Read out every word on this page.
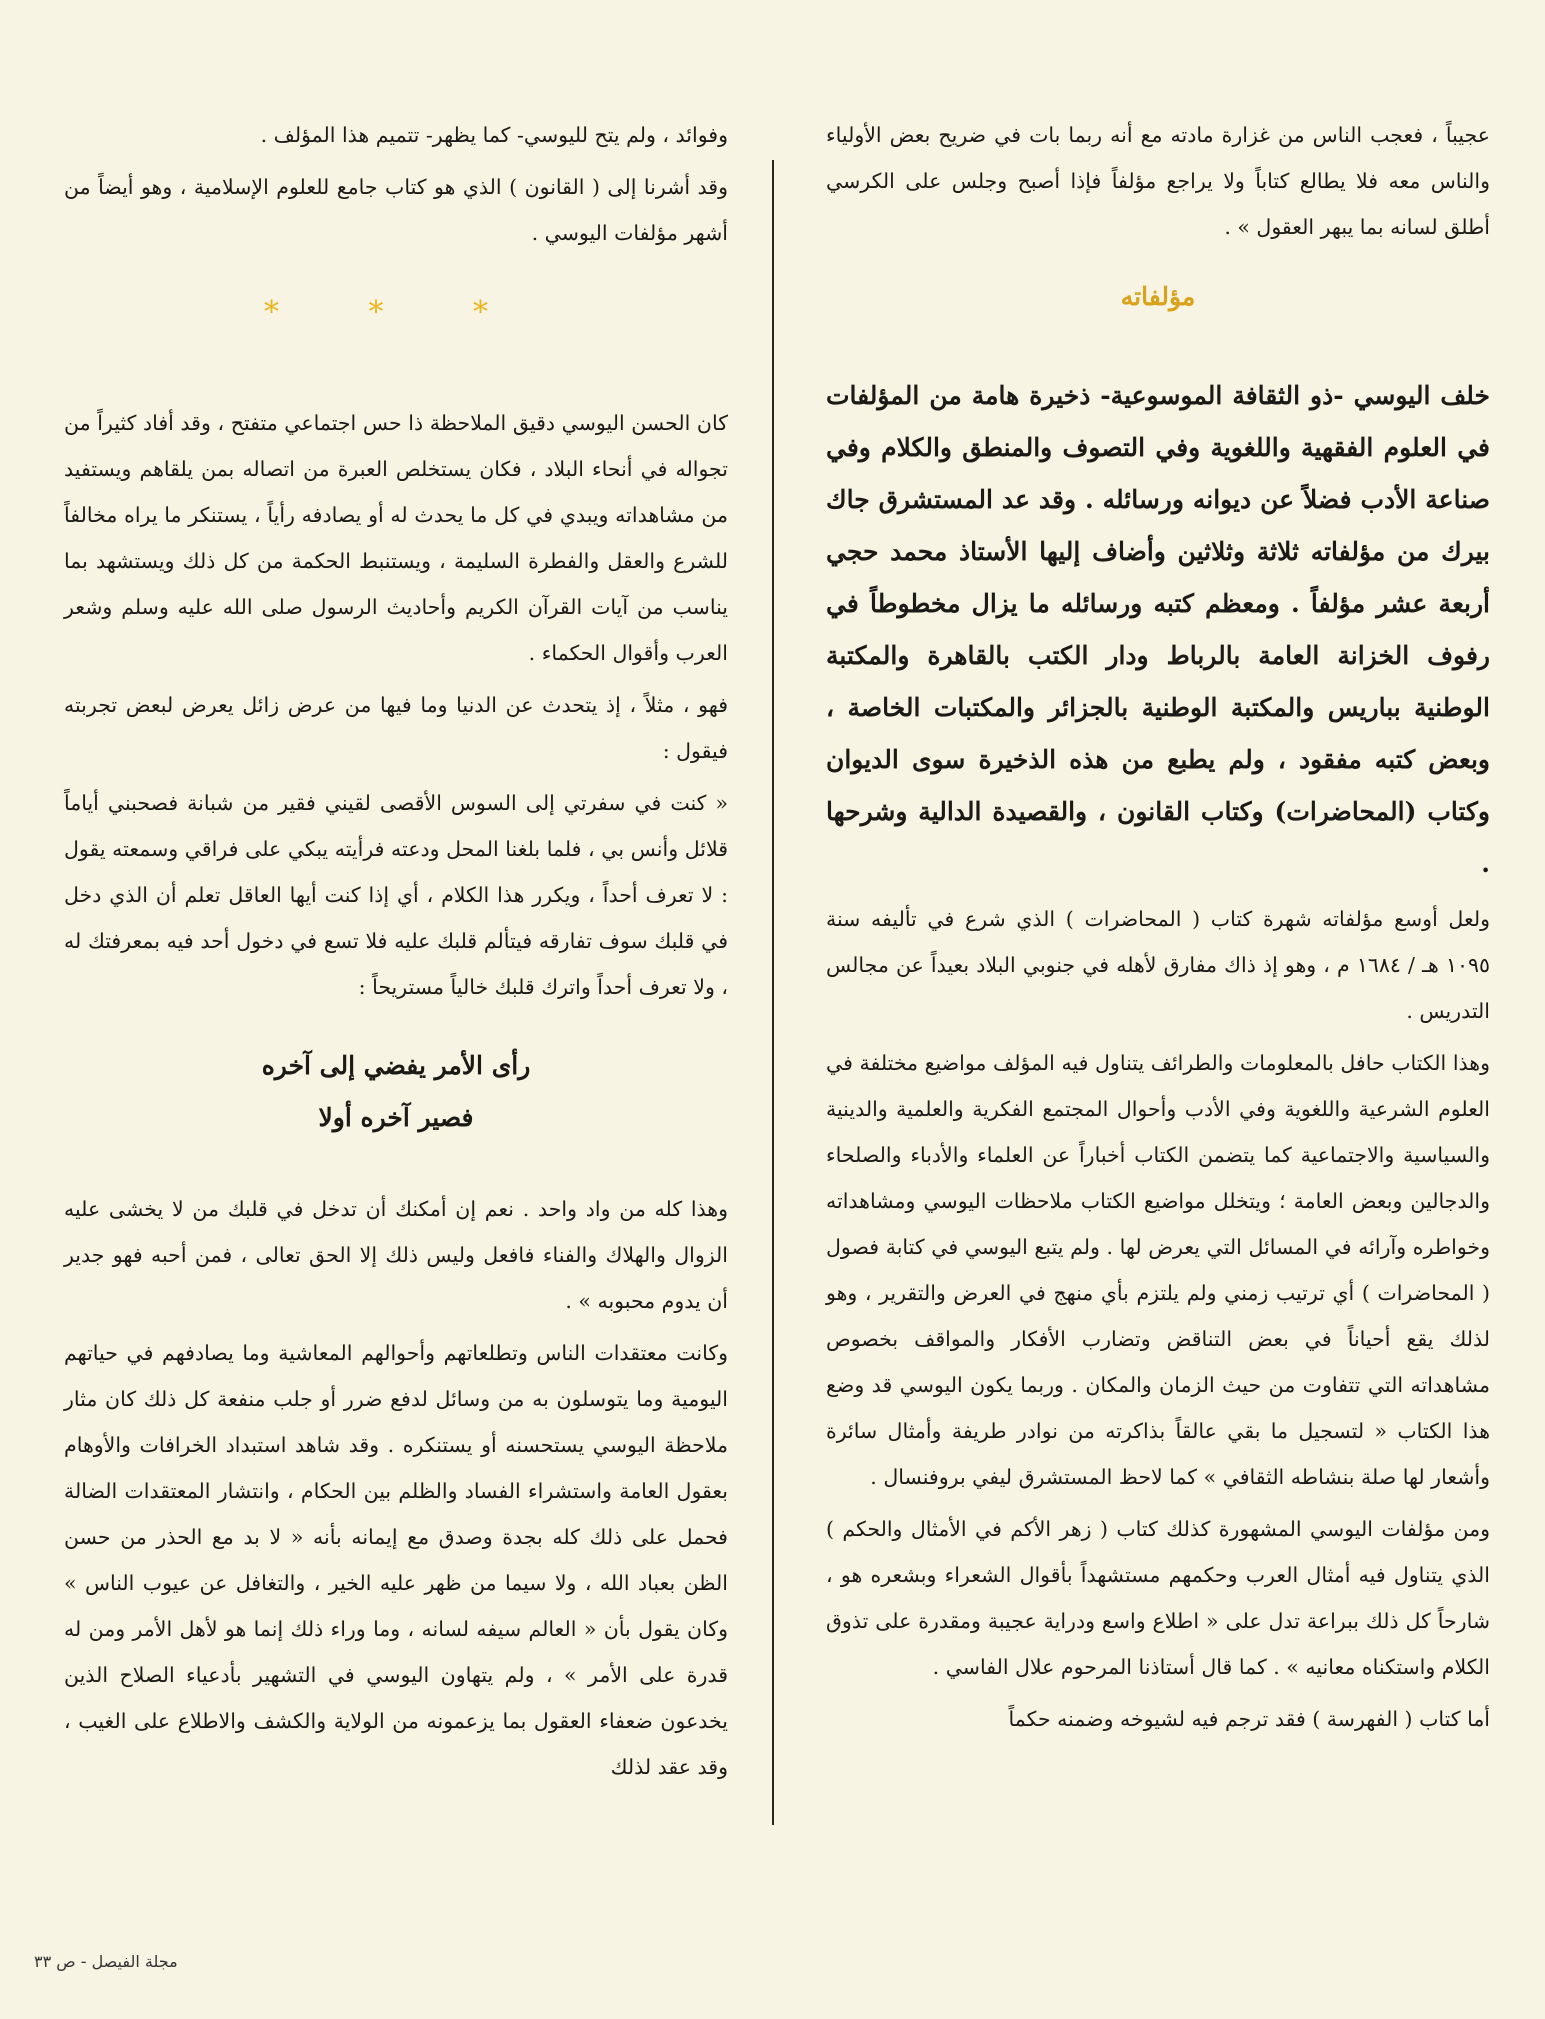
عجيباً ، فعجب الناس من غزارة مادته مع أنه ربما بات في ضريح بعض الأولياء والناس معه فلا يطالع كتاباً ولا يراجع مؤلفاً فإذا أصبح وجلس على الكرسي أطلق لسانه بما يبهر العقول » .

مؤلفاته

خلف اليوسي -ذو الثقافة الموسوعية- ذخيرة هامة من المؤلفات في العلوم الفقهية واللغوية وفي التصوف والمنطق والكلام وفي صناعة الأدب فضلاً عن ديوانه ورسائله . وقد عد المستشرق جاك بيرك من مؤلفاته ثلاثة وثلاثين وأضاف إليها الأستاذ محمد حجي أربعة عشر مؤلفاً . ومعظم كتبه ورسائله ما يزال مخطوطاً في رفوف الخزانة العامة بالرباط ودار الكتب بالقاهرة والمكتبة الوطنية بباريس والمكتبة الوطنية بالجزائر والمكتبات الخاصة ، وبعض كتبه مفقود ، ولم يطبع من هذه الذخيرة سوى الديوان وكتاب (المحاضرات) وكتاب القانون ، والقصيدة الدالية وشرحها .

ولعل أوسع مؤلفاته شهرة كتاب ( المحاضرات ) الذي شرع في تأليفه سنة ١٠٩٥ هـ / ١٦٨٤ م ، وهو إذ ذاك مفارق لأهله في جنوبي البلاد بعيداً عن مجالس التدريس .

وهذا الكتاب حافل بالمعلومات والطرائف يتناول فيه المؤلف مواضيع مختلفة في العلوم الشرعية واللغوية وفي الأدب وأحوال المجتمع الفكرية والعلمية والدينية والسياسية والاجتماعية كما يتضمن الكتاب أخباراً عن العلماء والأدباء والصلحاء والدجالين وبعض العامة ؛ ويتخلل مواضيع الكتاب ملاحظات اليوسي ومشاهداته وخواطره وآرائه في المسائل التي يعرض لها . ولم يتبع اليوسي في كتابة فصول ( المحاضرات ) أي ترتيب زمني ولم يلتزم بأي منهج في العرض والتقرير ، وهو لذلك يقع أحياناً في بعض التناقض وتضارب الأفكار والمواقف بخصوص مشاهداته التي تتفاوت من حيث الزمان والمكان . وربما يكون اليوسي قد وضع هذا الكتاب « لتسجيل ما بقي عالقاً بذاكرته من نوادر طريفة وأمثال سائرة وأشعار لها صلة بنشاطه الثقافي » كما لاحظ المستشرق ليفي بروفنسال .

ومن مؤلفات اليوسي المشهورة كذلك كتاب ( زهر الأكم في الأمثال والحكم ) الذي يتناول فيه أمثال العرب وحكمهم مستشهداً بأقوال الشعراء وبشعره هو ، شارحاً كل ذلك ببراعة تدل على « اطلاع واسع ودراية عجيبة ومقدرة على تذوق الكلام واستكناه معانيه » . كما قال أستاذنا المرحوم علال الفاسي .

أما كتاب ( الفهرسة ) فقد ترجم فيه لشيوخه وضمنه حكماً

وفوائد ، ولم يتح لليوسي- كما يظهر- تتميم هذا المؤلف .

وقد أشرنا إلى ( القانون ) الذي هو كتاب جامع للعلوم الإسلامية ، وهو أيضاً من أشهر مؤلفات اليوسي .

* * *

كان الحسن اليوسي دقيق الملاحظة ذا حس اجتماعي متفتح ، وقد أفاد كثيراً من تجواله في أنحاء البلاد ، فكان يستخلص العبرة من اتصاله بمن يلقاهم ويستفيد من مشاهداته ويبدي في كل ما يحدث له أو يصادفه رأياً ، يستنكر ما يراه مخالفاً للشرع والعقل والفطرة السليمة ، ويستنبط الحكمة من كل ذلك ويستشهد بما يناسب من آيات القرآن الكريم وأحاديث الرسول صلى الله عليه وسلم وشعر العرب وأقوال الحكماء .

فهو ، مثلاً ، إذ يتحدث عن الدنيا وما فيها من عرض زائل يعرض لبعض تجربته فيقول :

« كنت في سفرتي إلى السوس الأقصى لقيني فقير من شبانة فصحبني أياماً قلائل وأنس بي ، فلما بلغنا المحل ودعته فرأيته يبكي على فراقي وسمعته يقول : لا تعرف أحداً ، ويكرر هذا الكلام ، أي إذا كنت أيها العاقل تعلم أن الذي دخل في قلبك سوف تفارقه فيتألم قلبك عليه فلا تسع في دخول أحد فيه بمعرفتك له ، ولا تعرف أحداً واترك قلبك خالياً مستريحاً :

رأى الأمر يفضي إلى آخره
فصير آخره أولا

وهذا كله من واد واحد . نعم إن أمكنك أن تدخل في قلبك من لا يخشى عليه الزوال والهلاك والفناء فافعل وليس ذلك إلا الحق تعالى ، فمن أحبه فهو جدير أن يدوم محبوبه » .

وكانت معتقدات الناس وتطلعاتهم وأحوالهم المعاشية وما يصادفهم في حياتهم اليومية وما يتوسلون به من وسائل لدفع ضرر أو جلب منفعة كل ذلك كان مثار ملاحظة اليوسي يستحسنه أو يستنكره . وقد شاهد استبداد الخرافات والأوهام بعقول العامة واستشراء الفساد والظلم بين الحكام ، وانتشار المعتقدات الضالة فحمل على ذلك كله بجدة وصدق مع إيمانه بأنه « لا بد مع الحذر من حسن الظن بعباد الله ، ولا سيما من ظهر عليه الخير ، والتغافل عن عيوب الناس » وكان يقول بأن « العالم سيفه لسانه ، وما وراء ذلك إنما هو لأهل الأمر ومن له قدرة على الأمر » ، ولم يتهاون اليوسي في التشهير بأدعياء الصلاح الذين يخدعون ضعفاء العقول بما يزعمونه من الولاية والكشف والاطلاع على الغيب ، وقد عقد لذلك

مجلة الفيصل - ص ٣٣
